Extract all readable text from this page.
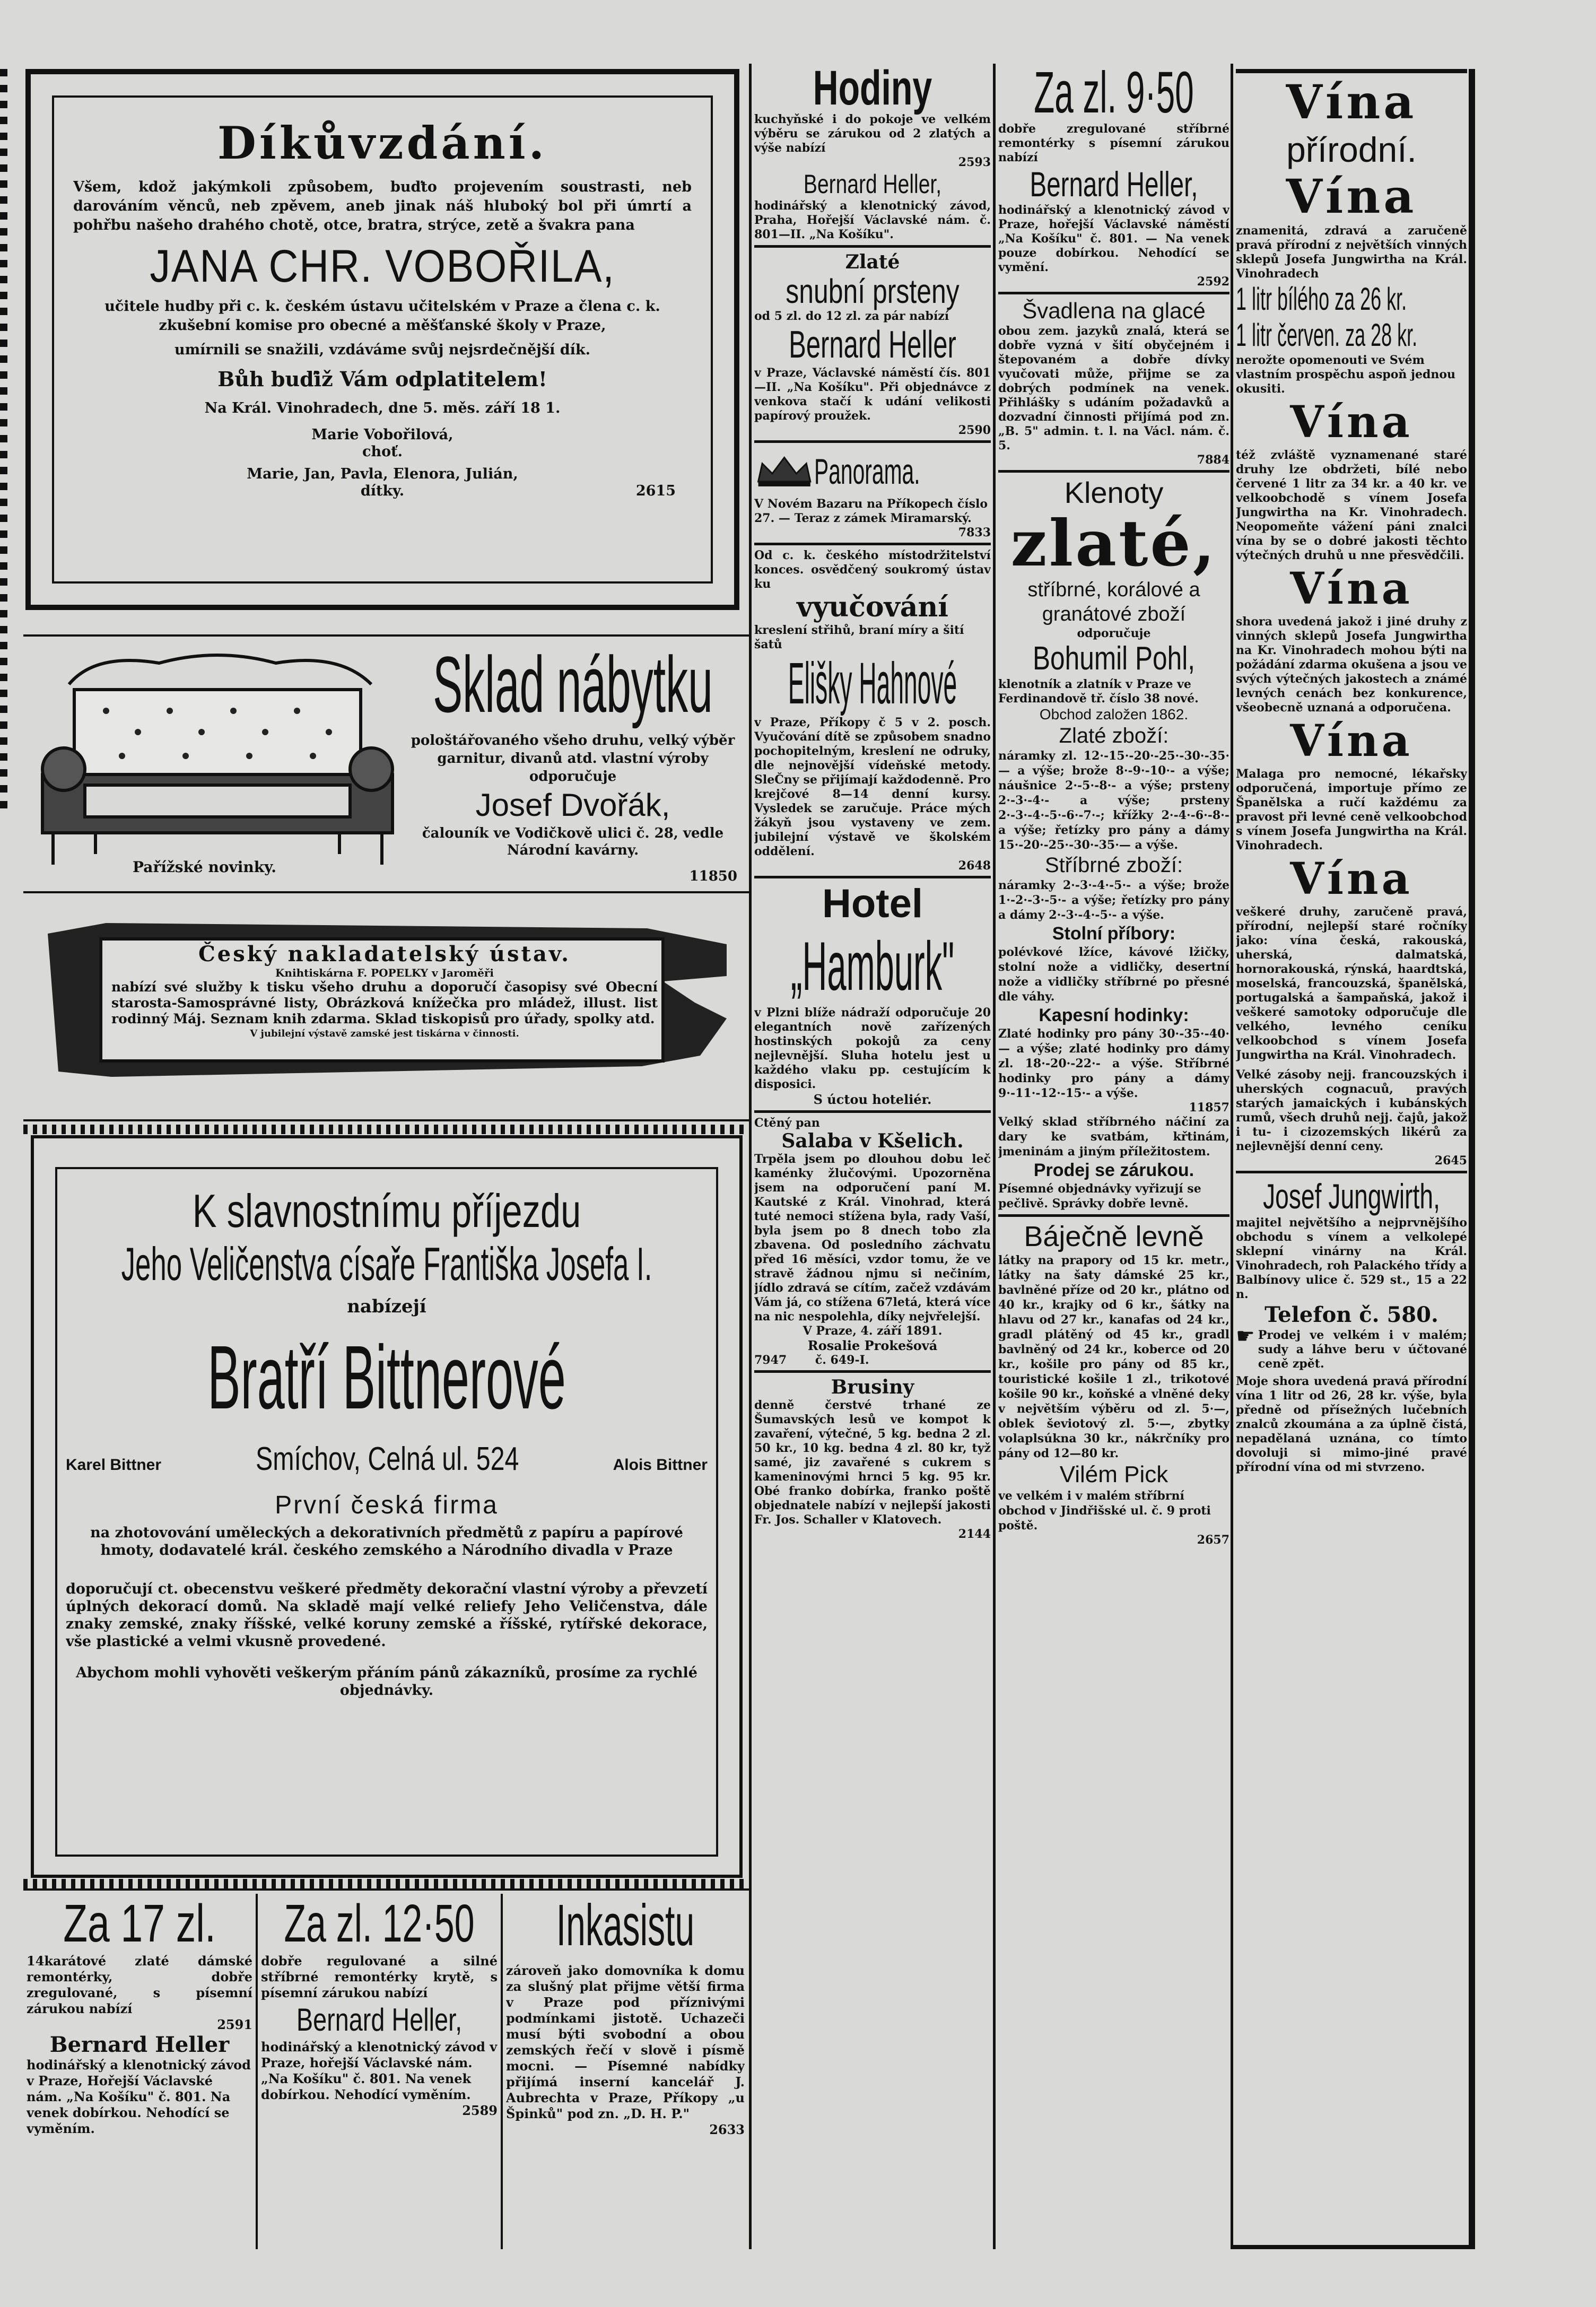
Díkůvzdání.

Všem, kdož jakýmkoli způsobem, buďto projevením soustrasti, neb darováním věnců, neb zpěvem, aneb jinak náš hluboký bol při úmrtí a pohřbu našeho drahého chotě, otce, bratra, strýce, zetě a švakra pana

JANA CHR. VOBOŘILA,

učitele hudby při c. k. českém ústavu učitelském v Praze a člena c. k. zkušební komise pro obecné a měšťanské školy v Praze,

umírnili se snažili, vzdáváme svůj nejsrdečnější dík.

Bůh buďiž Vám odplatitelem!

Na Král. Vinohradech, dne 5. měs. září 18 1.

Marie Vobořilová,
choť.

Marie, Jan, Pavla, Elenora, Julián,
dítky.	2615
Pařížské novinky.
Sklad nábytku

pološtářovaného všeho druhu, velký výběr garnitur, divanů atd. vlastní výroby odporučuje

Josef Dvořák,

čalouník ve Vodičkově ulici č. 28, vedle Národní kavárny.

11850
Český nakladatelský ústav.
Knihtiskárna F. POPELKY v Jaroměři

nabízí své služby k tisku všeho druhu a doporučí časopisy své Obecní starosta-Samosprávné listy, Obrázková knížečka pro mládež, illust. list rodinný Máj. Seznam knih zdarma. Sklad tiskopisů pro úřady, spolky atd.

V jubilejní výstavě zamské jest tiskárna v činnosti.
K slavnostnímu příjezdu
Jeho Veličenstva císaře Františka Josefa I.
nabízejí
Bratří Bittnerové
Karel Bittner	Smíchov, Celná ul. 524	Alois Bittner
První česká firma

na zhotovování uměleckých a dekorativních předmětů z papíru a papírové hmoty, dodavatelé král. českého zemského a Národního divadla v Praze

doporučují ct. obecenstvu veškeré předměty dekorační vlastní výroby a převzetí úplných dekorací domů. Na skladě mají velké reliefy Jeho Veličenstva, dále znaky zemské, znaky říšské, velké koruny zemské a říšské, rytířské dekorace, vše plastické a velmi vkusně provedené.

Abychom mohli vyhověti veškerým přáním pánů zákazníků, prosíme za rychlé objednávky.

Za 17 zl.

14karátové zlaté dámské remontérky, dobře zregulované, s písemní zárukou nabízí

2591
Bernard Heller

hodinářský a klenotnický závod v Praze, Hořejší Václavské nám. „Na Košíku" č. 801. Na venek dobírkou. Nehodící se vyměním.

Za zl. 12·50

dobře regulované a silné stříbrné remontérky krytě, s písemní zárukou nabízí

Bernard Heller,

hodinářský a klenotnický závod v Praze, hořejší Václavské nám. „Na Košíku" č. 801. Na venek dobírkou. Nehodící vyměním.

2589
Inkasistu

zároveň jako domovníka k domu za slušný plat přijme větší firma v Praze pod příznivými podmínkami jistotě. Uchazeči musí býti svobodní a obou zemských řečí v slově i písmě mocni. — Písemné nabídky přijímá inserní kancelář J. Aubrechta v Praze, Příkopy „u Špinků" pod zn. „D. H. P."

2633
Hodiny

kuchyňské i do pokoje ve velkém výběru se zárukou od 2 zlatých a výše nabízí

2593
Bernard Heller,

hodinářský a klenotnický závod, Praha, Hořejší Václavské nám. č. 801—II. „Na Košíku".

Zlaté
snubní prsteny

od 5 zl. do 12 zl. za pár nabízí

Bernard Heller

v Praze, Václavské náměstí čís. 801—II. „Na Košíku". Při objednávce z venkova stačí k udání velikosti papírový proužek.

2590
Panorama.

V Novém Bazaru na Příkopech číslo 27. — Teraz z zámek Miramarský.

7833

Od c. k. českého místodržitelství konces. osvědčený soukromý ústav ku

vyučování

kreslení střihů, braní míry a šití šatů

Elišky Hahnové

v Praze, Příkopy č 5 v 2. posch. Vyučování dítě se způsobem snadno pochopitelným, kreslení ne odruky, dle nejnovější vídeňské metody. SleČny se přijímají každodenně. Pro krejčové 8—14 denní kursy. Vysledek se zaručuje. Práce mých žákyň jsou vystaveny ve zem. jubilejní výstavě ve školském oddělení.

2648
Hotel
„Hamburk"

v Plzni blíže nádraží odporučuje 20 elegantních nově zařízených hostinských pokojů za ceny nejlevnější. Sluha hotelu jest u každého vlaku pp. cestujícím k disposici.

S úctou hoteliér.
Ctěný pan
Salaba v Kšelich.

Trpěla jsem po dlouhou dobu leč kaménky žlučovými. Upozorněna jsem na odporučení paní M. Kautské z Král. Vinohrad, která tuté nemoci stížena byla, rady Vaší, byla jsem po 8 dnech tobo zla zbavena. Od posledního záchvatu před 16 měsíci, vzdor tomu, že ve stravě žádnou njmu si nečiním, jídlo zdravá se cítím, začež vzdávám Vám já, co stížena 67letá, která více na nic nespolehla, díky nejvřelejší.

V Praze, 4. září 1891.
Rosalie Prokešová
7947       č. 649-I.
Brusiny

denně čerstvé trhané ze Šumavských lesů ve kompot k zavaření, výtečné, 5 kg. bedna 2 zl. 50 kr., 10 kg. bedna 4 zl. 80 kr, tyž samé, jiz zavařené s cukrem s kameninovými hrnci 5 kg. 95 kr. Obé franko dobírka, franko poště objednatele nabízí v nejlepší jakosti Fr. Jos. Schaller v Klatovech.

2144
Za zl. 9·50

dobře zregulované stříbrné remontérky s písemní zárukou nabízí

Bernard Heller,

hodinářský a klenotnický závod v Praze, hořejší Václavské náměstí „Na Košíku" č. 801. — Na venek pouze dobírkou. Nehodící se vymění.

2592
Švadlena na glacé

obou zem. jazyků znalá, která se dobře vyzná v šití obyčejném i štepovaném a dobře dívky vyučovati může, přijme se za dobrých podmínek na venek. Přihlášky s udáním požadavků a dozvadní činnosti přijímá pod zn. „B. 5" admin. t. l. na Václ. nám. č. 5.

7884
Klenoty
zlaté,
stříbrné, korálové a granátové zboží
odporučuje
Bohumil Pohl,

klenotník a zlatník v Praze ve Ferdinandově tř. číslo 38 nové.

Obchod založen 1862.
Zlaté zboží:

náramky zl. 12·-15·-20·-25·-30·-35·— a výše; brože 8·-9·-10·- a výše; náušnice 2·-5·-8·- a výše; prsteny 2·-3·-4·- a výše; prsteny 2·-3·-4·-5·-6·-7·-; křížky 2·-4·-6·-8·- a výše; řetízky pro pány a dámy 15·-20·-25·-30·-35·— a výše.

Stříbrné zboží:

náramky 2·-3·-4·-5·- a výše; brože 1·-2·-3·-5·- a výše; řetízky pro pány a dámy 2·-3·-4·-5·- a výše.

Stolní příbory:

polévkové lžíce, kávové lžičky, stolní nože a vidličky, desertní nože a vidličky stříbrné po přesné dle váhy.

Kapesní hodinky:

Zlaté hodinky pro pány 30·-35·-40·— a výše; zlaté hodinky pro dámy zl. 18·-20·-22·- a výše. Stříbrné hodinky pro pány a dámy 9·-11·-12·-15·- a výše.

11857

Velký sklad stříbrného náčiní za dary ke svatbám, křtinám, jmeninám a jiným příležitostem.

Prodej se zárukou.

Písemné objednávky vyřizují se pečlivě. Správky dobře levně.

Báječně levně

látky na prapory od 15 kr. metr., látky na šaty dámské 25 kr., bavlněné příze od 20 kr., plátno od 40 kr., krajky od 6 kr., šátky na hlavu od 27 kr., kanafas od 24 kr., gradl plátěný od 45 kr., gradl bavlněný od 24 kr., koberce od 20 kr., košile pro pány od 85 kr., touristické košile 1 zl., trikotové košile 90 kr., koňské a vlněné deky v největším výběru od zl. 5·—, oblek ševiotový zl. 5·—, zbytky volaplsúkna 30 kr., nákrčníky pro pány od 12—80 kr.

Vilém Pick

ve velkém i v malém stříbrní obchod v Jindřišské ul. č. 9 proti poště.

2657
Vína
přírodní.
Vína

znamenitá, zdravá a zaručeně pravá přírodní z největších vinných sklepů Josefa Jungwirtha na Král. Vinohradech

1 litr bílého za 26 kr.
1 litr červen. za 28 kr.

nerožte opomenouti ve Svém vlastním prospěchu aspoň jednou okusiti.

Vína

též zvláště vyznamenané staré druhy lze obdržeti, bílé nebo červené 1 litr za 34 kr. a 40 kr. ve velkoobchodě s vínem Josefa Jungwirtha na Kr. Vinohradech. Neopomeňte vážení páni znalci vína by se o dobré jakosti těchto výtečných druhů u nne přesvědčili.

Vína

shora uvedená jakož i jiné druhy z vinných sklepů Josefa Jungwirtha na Kr. Vinohradech mohou býti na požádání zdarma okušena a jsou ve svých výtečných jakostech a známé levných cenách bez konkurence, všeobecně uznaná a odporučena.

Vína

Malaga pro nemocné, lékařsky odporučená, importuje přímo ze Španělska a ručí každému za pravost při levné ceně velkoobchod s vínem Josefa Jungwirtha na Král. Vinohradech.

Vína

veškeré druhy, zaručeně pravá, přírodní, nejlepší staré ročníky jako: vína česká, rakouská, uherská, dalmatská, hornorakouská, rýnská, haardtská, moselská, francouzská, španělská, portugalská a šampaňská, jakož i veškeré samotoky odporučuje dle velkého, levného ceníku velkoobchod s vínem Josefa Jungwirtha na Král. Vinohradech.

Velké zásoby nejj. francouzských i uherských cognacuů, pravých starých jamaických i kubánských rumů, všech druhů nejj. čajů, jakož i tu- i cizozemských likérů za nejlevnější denní ceny.

2645
Josef Jungwirth,

majitel největšího a nejprvnějšího obchodu s vínem a velkolepé sklepní vinárny na Král. Vinohradech, roh Palackého třídy a Balbínovy ulice č. 529 st., 15 a 22 n.

Telefon č. 580.
☛ Prodej ve velkém i v malém; sudy a láhve beru v účtované ceně zpět.

Moje shora uvedená pravá přírodní vína 1 litr od 26, 28 kr. výše, byla předně od přísežných lučebních znalců zkoumána a za úplně čistá, nepadělaná uznána, co tímto dovoluji si mimo-jiné pravé přírodní vína od mi stvrzeno.
